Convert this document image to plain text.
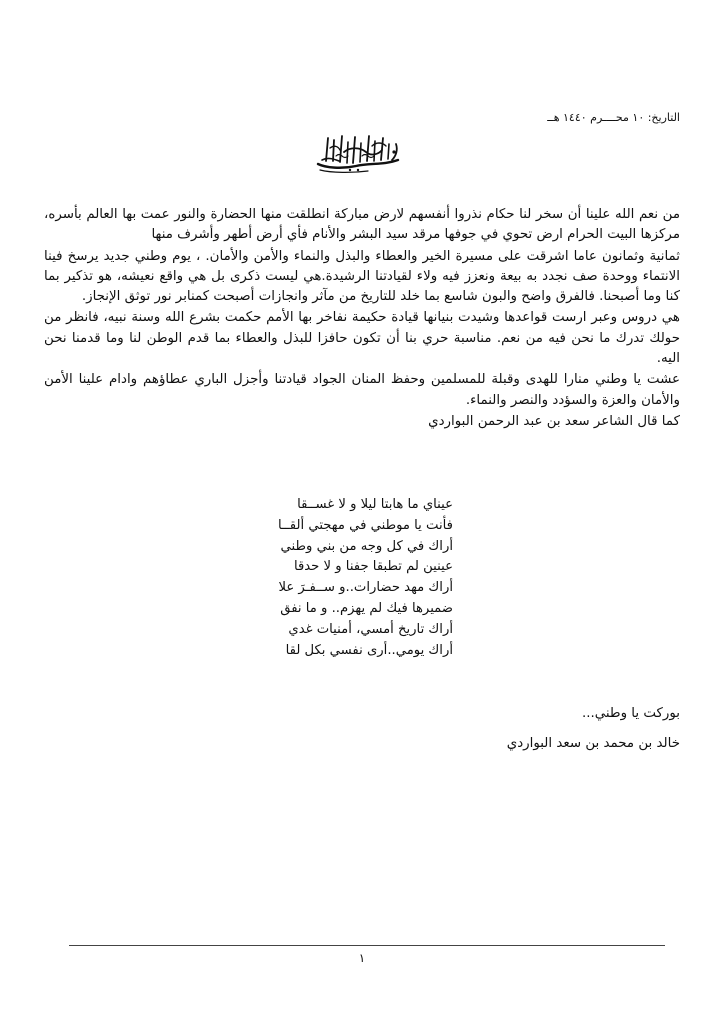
التاريخ: ١٠ محــــرم ١٤٤٠ هــ

من نعم الله علينا أن سخر لنا حكام نذروا أنفسهم لارض مباركة انطلقت منها الحضارة والنور عمت بها العالم بأسره، مركزها البيت الحرام ارض تحوي في جوفها مرقد سيد البشر والأنام فأي أرض أطهر وأشرف منها

ثمانية وثمانون عاما اشرقت على مسيرة الخير والعطاء والبذل والنماء والأمن والأمان. ، يوم وطني جديد يرسخ فينا الانتماء ووحدة صف نجدد به بيعة ونعزز فيه ولاء لقيادتنا الرشيدة.هي ليست ذكرى بل هي واقع نعيشه، هو تذكير بما كنا وما أصبحنا. فالفرق واضح والبون شاسع بما خلد للتاريخ من مآثر وانجازات أصبحت كمنابر نور توثق الإنجاز.

هي دروس وعبر ارست قواعدها وشيدت بنيانها قيادة حكيمة نفاخر بها الأمم حكمت بشرع الله وسنة نبيه، فانظر من حولك تدرك ما نحن فيه من نعم. مناسبة حري بنا أن تكون حافزا للبذل والعطاء بما قدم الوطن لنا وما قدمنا نحن اليه.

عشت يا وطني منارا للهدى وقبلة للمسلمين وحفظ المنان الجواد قيادتنا وأجزل الباري عطاؤهم وادام علينا الأمن والأمان والعزة والسؤدد والنصر والنماء.

كما قال الشاعر سعد بن عبد الرحمن البواردي

عيناي ما هابتا ليلا و لا غســقا
فأنت يا موطني في مهجتي ألقــا
أراك في كل وجه من بني وطني
عينين لم تطبقا جفنا و لا حدقا
أراك مهد حضارات..و ســفـرَ علا
ضميرها فيك لم يهزم.. و ما نفق
أراك تاريخ أمسي، أمنيات غدي
أراك يومي..أرى نفسي بكل لقا
بوركت يا وطني...
خالد بن محمد بن سعد البواردي
١
